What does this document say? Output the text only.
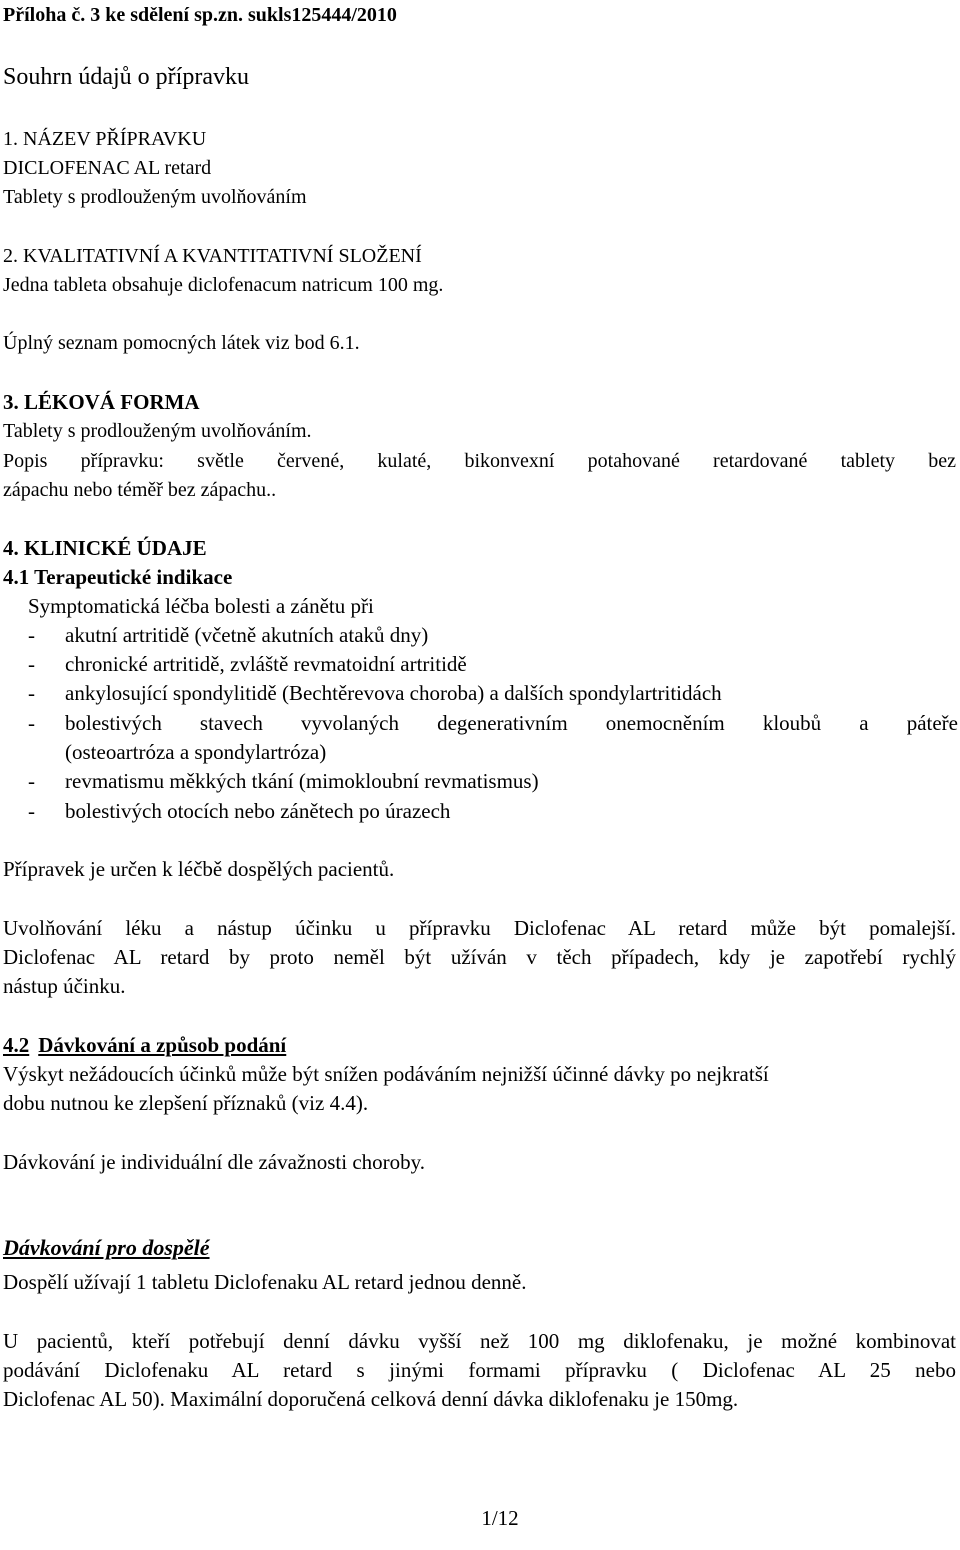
Příloha č. 3 ke sdělení sp.zn. sukls125444/2010
Souhrn údajů o přípravku
1. NÁZEV PŘÍPRAVKU
DICLOFENAC AL retard
Tablety s prodlouženým uvolňováním
2. KVALITATIVNÍ A KVANTITATIVNÍ SLOŽENÍ
Jedna tableta obsahuje diclofenacum natricum 100 mg.
Úplný seznam pomocných látek viz bod 6.1.
3. LÉKOVÁ FORMA
Tablety s prodlouženým uvolňováním.
Popis přípravku: světle červené, kulaté, bikonvexní potahované retardované tablety bez
zápachu nebo téměř bez zápachu..
4. KLINICKÉ ÚDAJE
4.1 Terapeutické indikace
Symptomatická léčba bolesti a zánětu při
- akutní artritidě (včetně akutních ataků dny)
- chronické artritidě, zvláště revmatoidní artritidě
- ankylosující spondylitidě (Bechtěrevova choroba) a dalších spondylartritidách
- bolestivých stavech vyvolaných degenerativním onemocněním kloubů a páteře
(osteoartróza a spondylartróza)
- revmatismu měkkých tkání (mimokloubní revmatismus)
- bolestivých otocích nebo zánětech po úrazech
Přípravek je určen k léčbě dospělých pacientů.
Uvolňování léku a nástup účinku u přípravku Diclofenac AL retard může být pomalejší.
Diclofenac AL retard by proto neměl být užíván v těch případech, kdy je zapotřebí rychlý
nástup účinku.
4.2 Dávkování a způsob podání
Výskyt nežádoucích účinků může být snížen podáváním nejnižší účinné dávky po nejkratší
dobu nutnou ke zlepšení příznaků (viz 4.4).
Dávkování je individuální dle závažnosti choroby.
Dávkování pro dospělé
Dospělí užívají 1 tabletu Diclofenaku AL retard jednou denně.
U pacientů, kteří potřebují denní dávku vyšší než 100 mg diklofenaku, je možné kombinovat
podávání Diclofenaku AL retard s jinými formami přípravku ( Diclofenac AL 25 nebo
Diclofenac AL 50). Maximální doporučená celková denní dávka diklofenaku je 150mg.
1/12
